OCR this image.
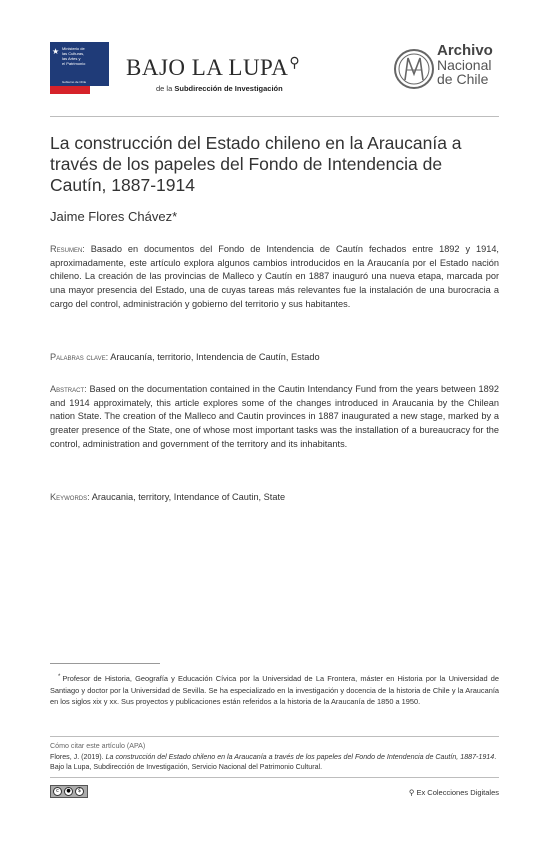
★ Ministerio de
las Culturas,
las Artes y
el Patrimonio
Gobierno de Chile
BAJO LA LUPA⚲
de la Subdirección de Investigación
Archivo
Nacional
de Chile
La construcción del Estado chileno en la Araucanía a través de los papeles del Fondo de Intendencia de Cautín, 1887-1914
Jaime Flores Chávez*
Resumen: Basado en documentos del Fondo de Intendencia de Cautín fechados entre 1892 y 1914, aproximadamente, este artículo explora algunos cambios introducidos en la Araucanía por el Estado nación chileno. La creación de las provincias de Malleco y Cautín en 1887 inauguró una nueva etapa, marcada por una mayor presencia del Estado, una de cuyas tareas más relevantes fue la instalación de una burocracia a cargo del control, administración y gobierno del territorio y sus habitantes.
Palabras clave: Araucanía, territorio, Intendencia de Cautín, Estado
Abstract: Based on the documentation contained in the Cautin Intendancy Fund from the years between 1892 and 1914 approximately, this article explores some of the changes introduced in Araucania by the Chilean nation State. The creation of the Malleco and Cautin provinces in 1887 inaugurated a new stage, marked by a greater presence of the State, one of whose most important tasks was the installation of a bureaucracy for the control, administration and government of the territory and its inhabitants.
Keywords: Araucania, territory, Intendance of Cautin, State
* Profesor de Historia, Geografía y Educación Cívica por la Universidad de La Frontera, máster en Historia por la Universidad de Santiago y doctor por la Universidad de Sevilla. Se ha especializado en la investigación y docencia de la historia de Chile y la Araucanía en los siglos xix y xx. Sus proyectos y publicaciones están referidos a la historia de la Araucanía de 1850 a 1950.
Cómo citar este artículo (APA)
Flores, J. (2019). La construcción del Estado chileno en la Araucanía a través de los papeles del Fondo de Intendencia de Cautín, 1887-1914. Bajo la Lupa, Subdirección de Investigación, Servicio Nacional del Patrimonio Cultural.
c	●	$	⚲ Ex Colecciones Digitales
